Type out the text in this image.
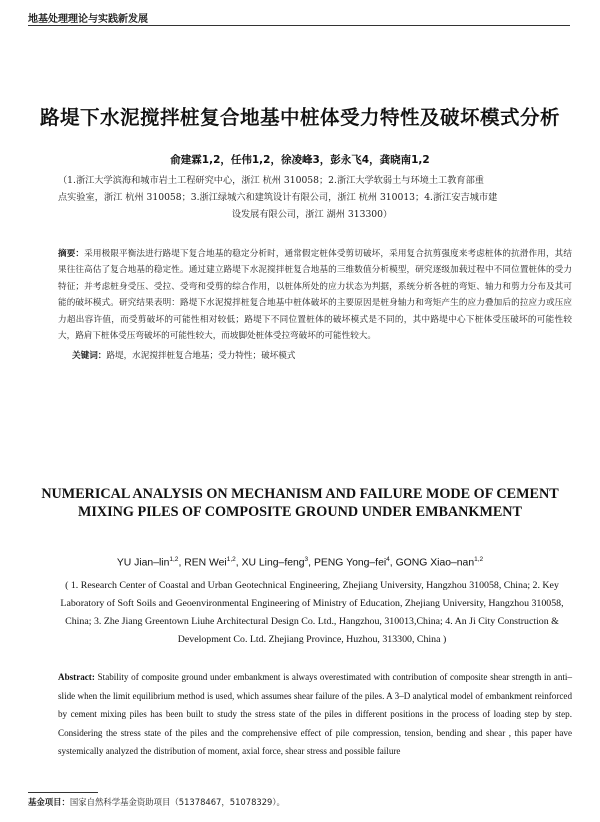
地基处理理论与实践新发展
路堤下水泥搅拌桩复合地基中桩体受力特性及破坏模式分析
俞建霖1,2，任伟1,2，徐凌峰3，彭永飞4，龚晓南1,2
（1.浙江大学滨海和城市岩土工程研究中心，浙江 杭州 310058；2.浙江大学软弱土与环境土工教育部重
点实验室，浙江 杭州 310058；3.浙江绿城六和建筑设计有限公司，浙江 杭州 310013；4.浙江安吉城市建
设发展有限公司，浙江 湖州 313300）
摘要：采用极限平衡法进行路堤下复合地基的稳定分析时，通常假定桩体受剪切破坏，采用复合抗剪强度来考虑桩体的抗滑作用，其结果往往高估了复合地基的稳定性。通过建立路堤下水泥搅拌桩复合地基的三维数值分析模型，研究逐级加载过程中不同位置桩体的受力特征；并考虑桩身受压、受拉、受弯和受剪的综合作用，以桩体所处的应力状态为判据，系统分析各桩的弯矩、轴力和剪力分布及其可能的破坏模式。研究结果表明：路堤下水泥搅拌桩复合地基中桩体破坏的主要原因是桩身轴力和弯矩产生的应力叠加后的拉应力或压应力超出容许值，而受剪破坏的可能性相对较低；路堤下不同位置桩体的破坏模式是不同的，其中路堤中心下桩体受压破坏的可能性较大，路肩下桩体受压弯破坏的可能性较大，而坡脚处桩体受拉弯破坏的可能性较大。
关键词：路堤，水泥搅拌桩复合地基；受力特性；破坏模式
NUMERICAL ANALYSIS ON MECHANISM AND FAILURE MODE OF CEMENT MIXING PILES OF COMPOSITE GROUND UNDER EMBANKMENT
YU Jian–lin$^{1,2}$, REN Wei$^{1,2}$, XU Ling–feng$^3$, PENG Yong–fei$^4$, GONG Xiao–nan$^{1,2}$
( 1. Research Center of Coastal and Urban Geotechnical Engineering, Zhejiang University, Hangzhou 310058, China; 2. Key Laboratory of Soft Soils and Geoenvironmental Engineering of Ministry of Education, Zhejiang University, Hangzhou 310058, China; 3. Zhe Jiang Greentown Liuhe Architectural Design Co. Ltd., Hangzhou, 310013,China; 4. An Ji City Construction & Development Co. Ltd. Zhejiang Province, Huzhou, 313300, China )
Abstract: Stability of composite ground under embankment is always overestimated with contribution of composite shear strength in anti–slide when the limit equilibrium method is used, which assumes shear failure of the piles. A 3–D analytical model of embankment reinforced by cement mixing piles has been built to study the stress state of the piles in different positions in the process of loading step by step. Considering the stress state of the piles and the comprehensive effect of pile compression, tension, bending and shear , this paper have systemically analyzed the distribution of moment, axial force, shear stress and possible failure
基金项目：国家自然科学基金资助项目（51378467，51078329）。
